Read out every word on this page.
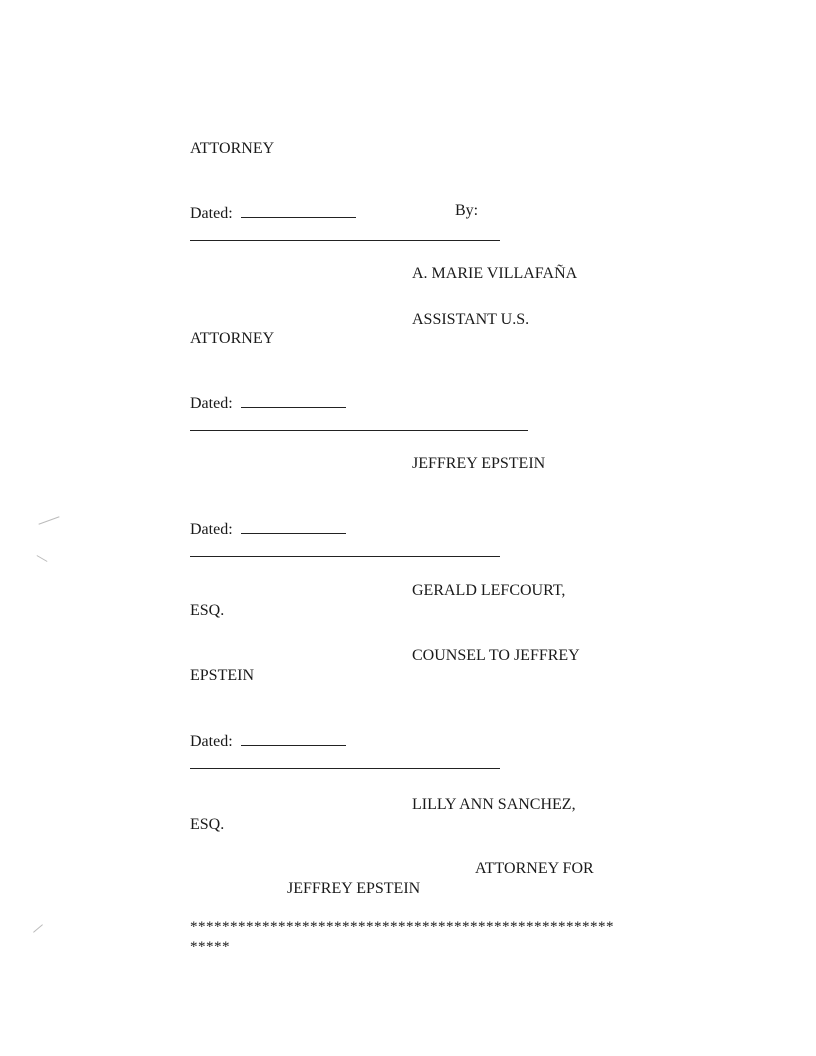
ATTORNEY
Dated:	By:
A. MARIE VILLAFAÑA
ASSISTANT U.S.
ATTORNEY
Dated:
JEFFREY EPSTEIN
Dated:
GERALD LEFCOURT,
ESQ.
COUNSEL TO JEFFREY
EPSTEIN
Dated:
LILLY ANN SANCHEZ,
ESQ.
ATTORNEY FOR
JEFFREY EPSTEIN
*****************************************************
*****
